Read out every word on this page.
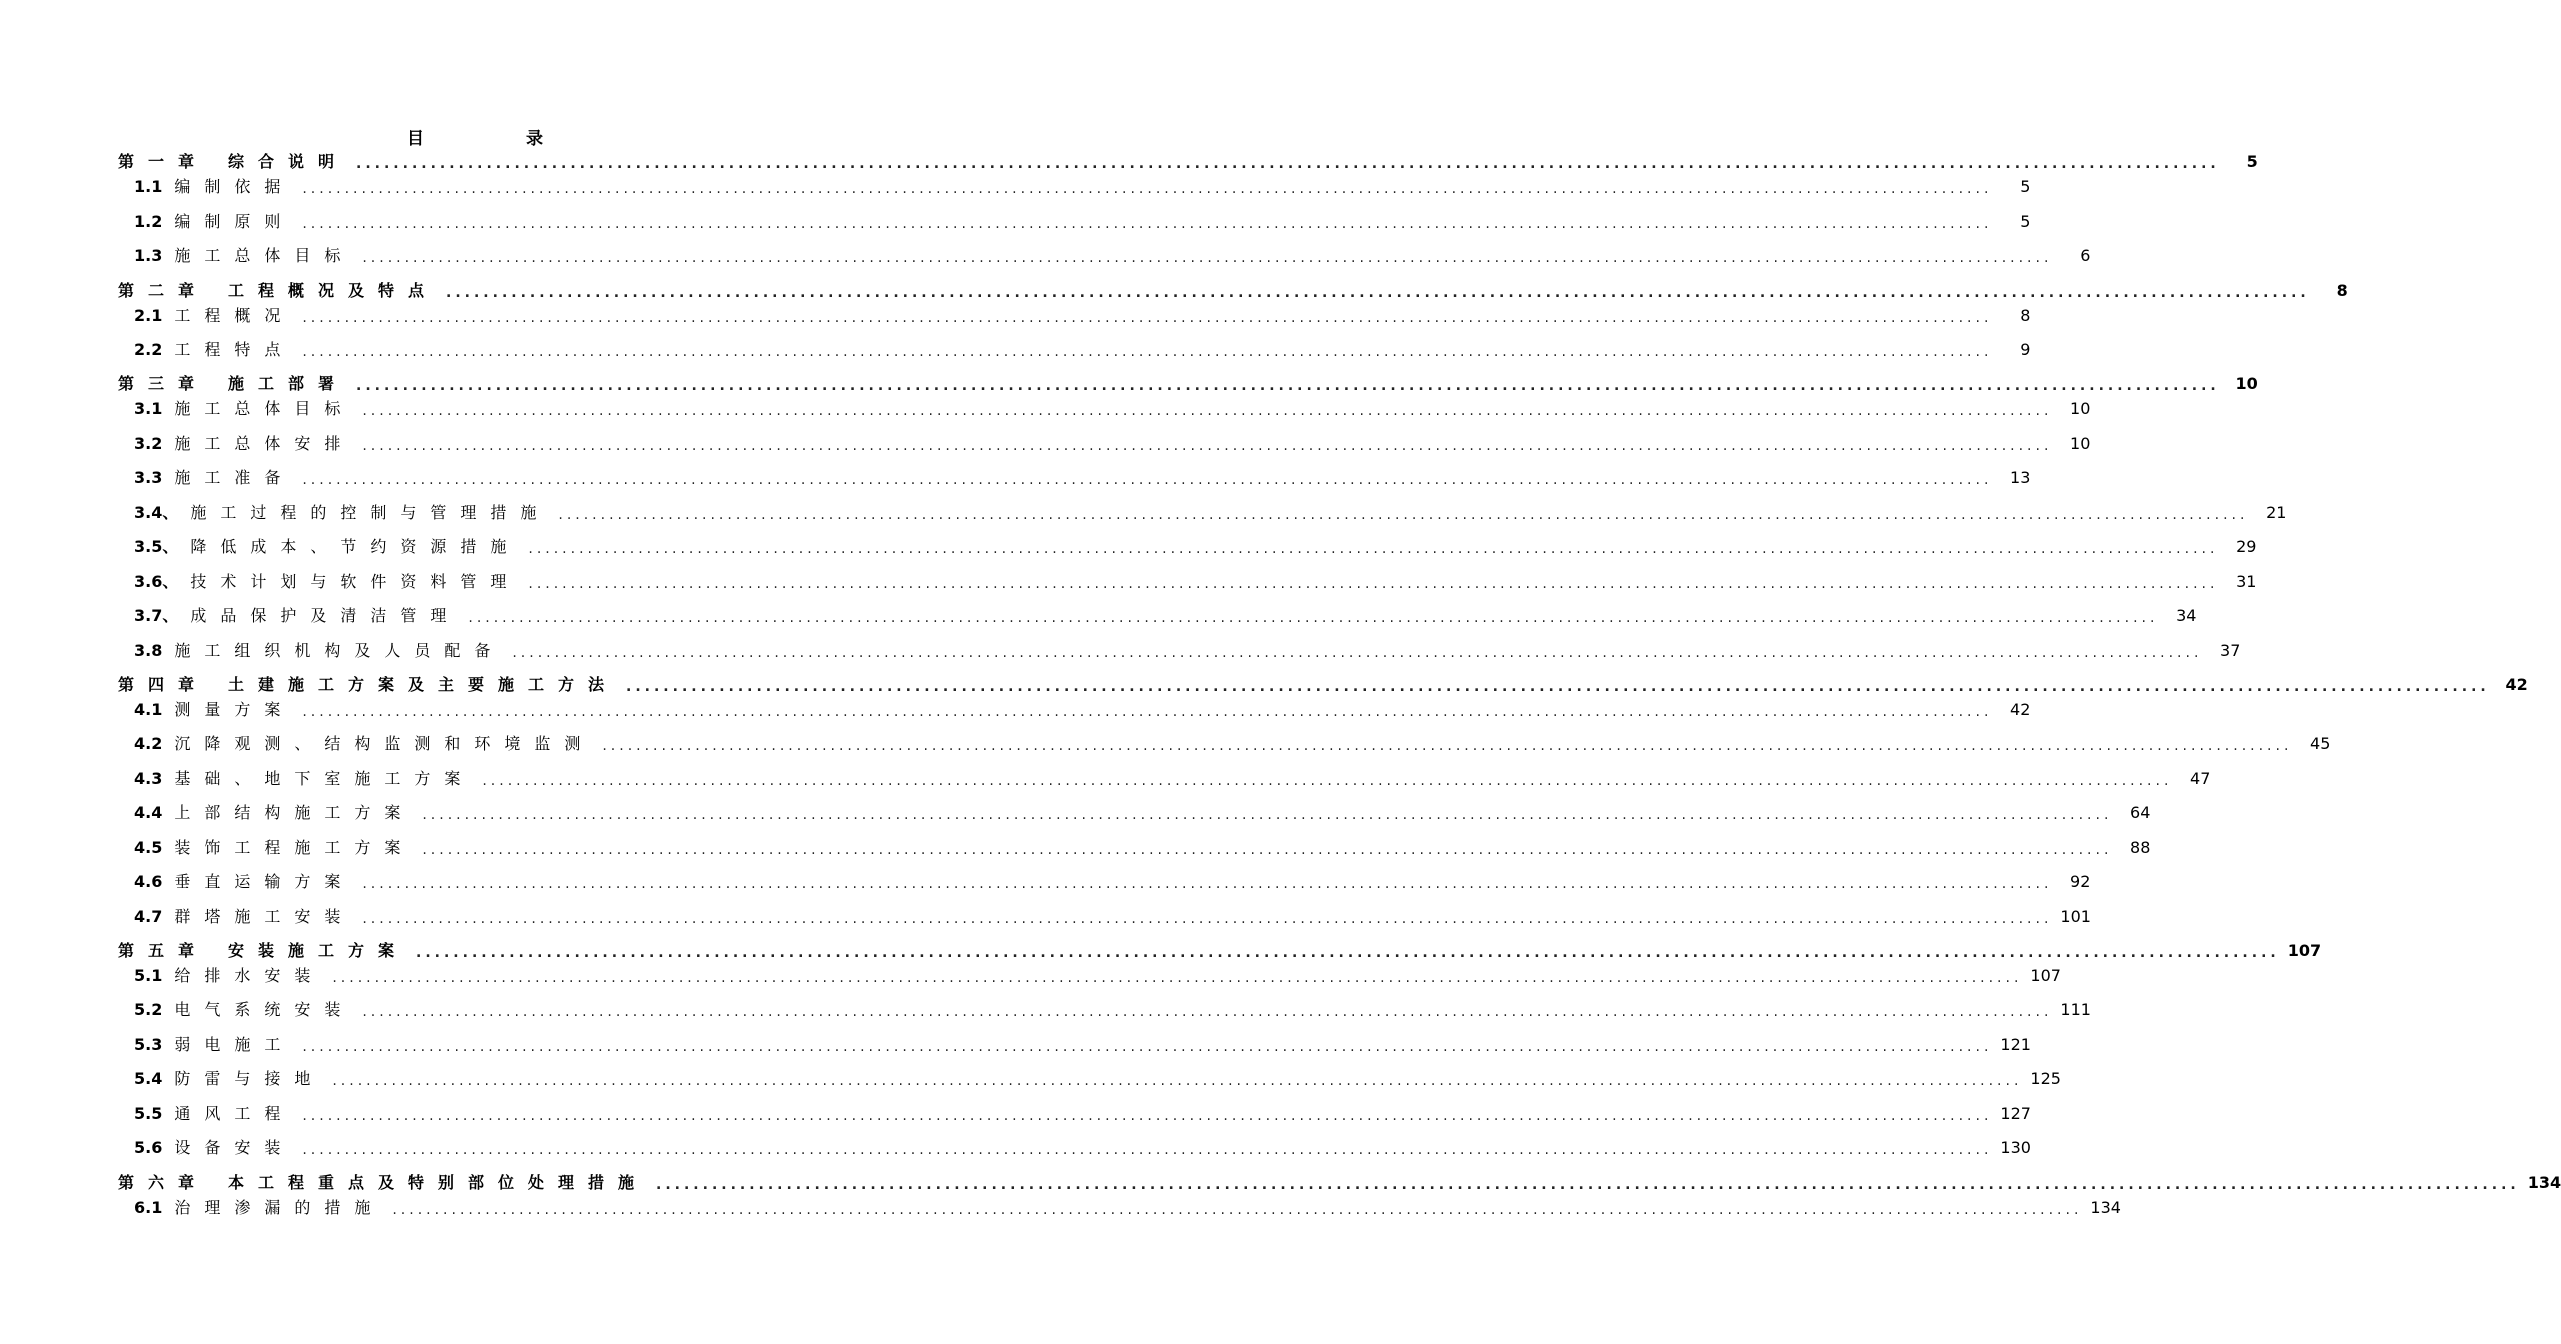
目 录
第一章 综合说明 ........................................................................................................................................................................................................	5
1.1 编制依据 ........................................................................................................................................................................................................	5
1.2 编制原则 ........................................................................................................................................................................................................	5
1.3 施工总体目标 ........................................................................................................................................................................................................	6
第二章 工程概况及特点 ........................................................................................................................................................................................................	8
2.1 工程概况 ........................................................................................................................................................................................................	8
2.2 工程特点 ........................................................................................................................................................................................................	9
第三章 施工部署 ........................................................................................................................................................................................................ 10
3.1 施工总体目标 ........................................................................................................................................................................................................	10
3.2 施工总体安排 ........................................................................................................................................................................................................	10
3.3 施工准备 ........................................................................................................................................................................................................	13
3.4、 施工过程的控制与管理措施 ........................................................................................................................................................................................................	21
3.5、 降低成本、节约资源措施 ........................................................................................................................................................................................................	29
3.6、 技术计划与软件资料管理 ........................................................................................................................................................................................................	31
3.7、 成品保护及清洁管理 ........................................................................................................................................................................................................	34
3.8 施工组织机构及人员配备 ........................................................................................................................................................................................................	37
第四章 土建施工方案及主要施工方法 ........................................................................................................................................................................................................ 42
4.1 测量方案 ........................................................................................................................................................................................................	42
4.2 沉降观测、结构监测和环境监测 ........................................................................................................................................................................................................	45
4.3 基础、地下室施工方案 ........................................................................................................................................................................................................	47
4.4 上部结构施工方案 ........................................................................................................................................................................................................	64
4.5 装饰工程施工方案 ........................................................................................................................................................................................................	88
4.6 垂直运输方案 ........................................................................................................................................................................................................	92
4.7 群塔施工安装 ........................................................................................................................................................................................................ 101
第五章 安装施工方案 ........................................................................................................................................................................................................ 107
5.1 给排水安装 ........................................................................................................................................................................................................ 107
5.2 电气系统安装 ........................................................................................................................................................................................................ 111
5.3 弱电施工 ........................................................................................................................................................................................................ 121
5.4 防雷与接地 ........................................................................................................................................................................................................ 125
5.5 通风工程 ........................................................................................................................................................................................................ 127
5.6 设备安装 ........................................................................................................................................................................................................ 130
第六章 本工程重点及特别部位处理措施 ........................................................................................................................................................................................................ 134
6.1 治理渗漏的措施 ........................................................................................................................................................................................................ 134
